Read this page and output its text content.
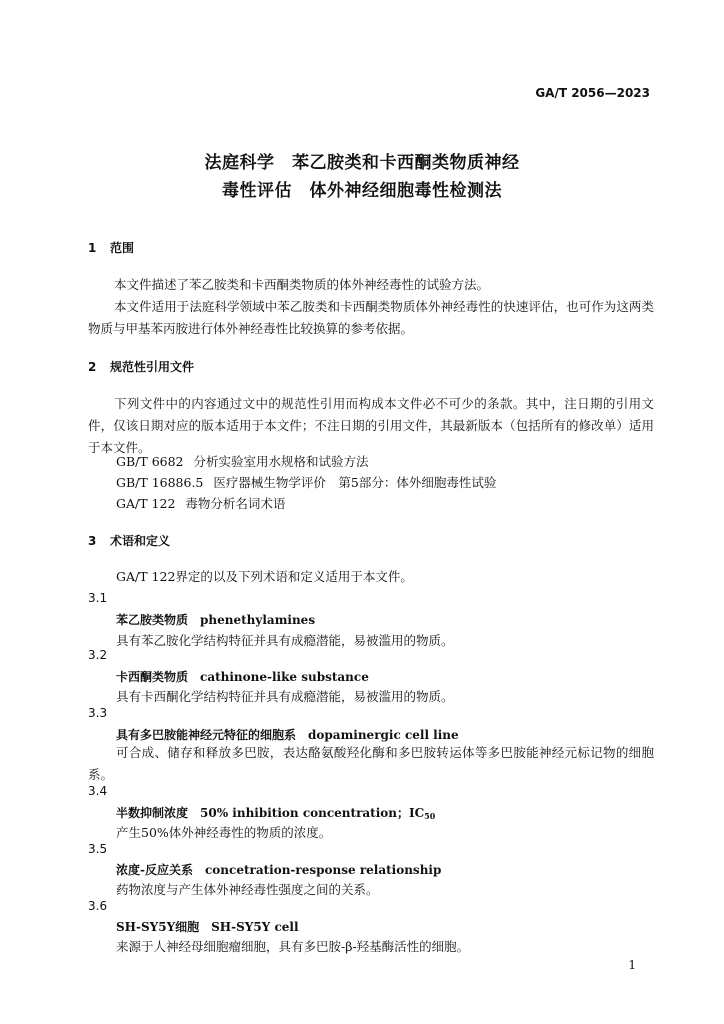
GA/T 2056—2023
法庭科学　苯乙胺类和卡西酮类物质神经
毒性评估　体外神经细胞毒性检测法
1 范围
本文件描述了苯乙胺类和卡西酮类物质的体外神经毒性的试验方法。
本文件适用于法庭科学领域中苯乙胺类和卡西酮类物质体外神经毒性的快速评估，也可作为这两类物质与甲基苯丙胺进行体外神经毒性比较换算的参考依据。
2 规范性引用文件
下列文件中的内容通过文中的规范性引用而构成本文件必不可少的条款。其中，注日期的引用文件，仅该日期对应的版本适用于本文件；不注日期的引用文件，其最新版本（包括所有的修改单）适用于本文件。
GB/T 6682 分析实验室用水规格和试验方法
GB/T 16886.5 医疗器械生物学评价　第5部分：体外细胞毒性试验
GA/T 122 毒物分析名词术语
3 术语和定义
GA/T 122界定的以及下列术语和定义适用于本文件。
3.1
苯乙胺类物质 phenethylamines
具有苯乙胺化学结构特征并具有成瘾潜能，易被滥用的物质。
3.2
卡西酮类物质 cathinone-like substance
具有卡西酮化学结构特征并具有成瘾潜能，易被滥用的物质。
3.3
具有多巴胺能神经元特征的细胞系 dopaminergic cell line
可合成、储存和释放多巴胺，表达酪氨酸羟化酶和多巴胺转运体等多巴胺能神经元标记物的细胞系。
3.4
半数抑制浓度 50% inhibition concentration；$IC_{50}$
产生50%体外神经毒性的物质的浓度。
3.5
浓度-反应关系 concetration-response relationship
药物浓度与产生体外神经毒性强度之间的关系。
3.6
SH-SY5Y细胞 SH-SY5Y cell
来源于人神经母细胞瘤细胞，具有多巴胺-β-羟基酶活性的细胞。
1
